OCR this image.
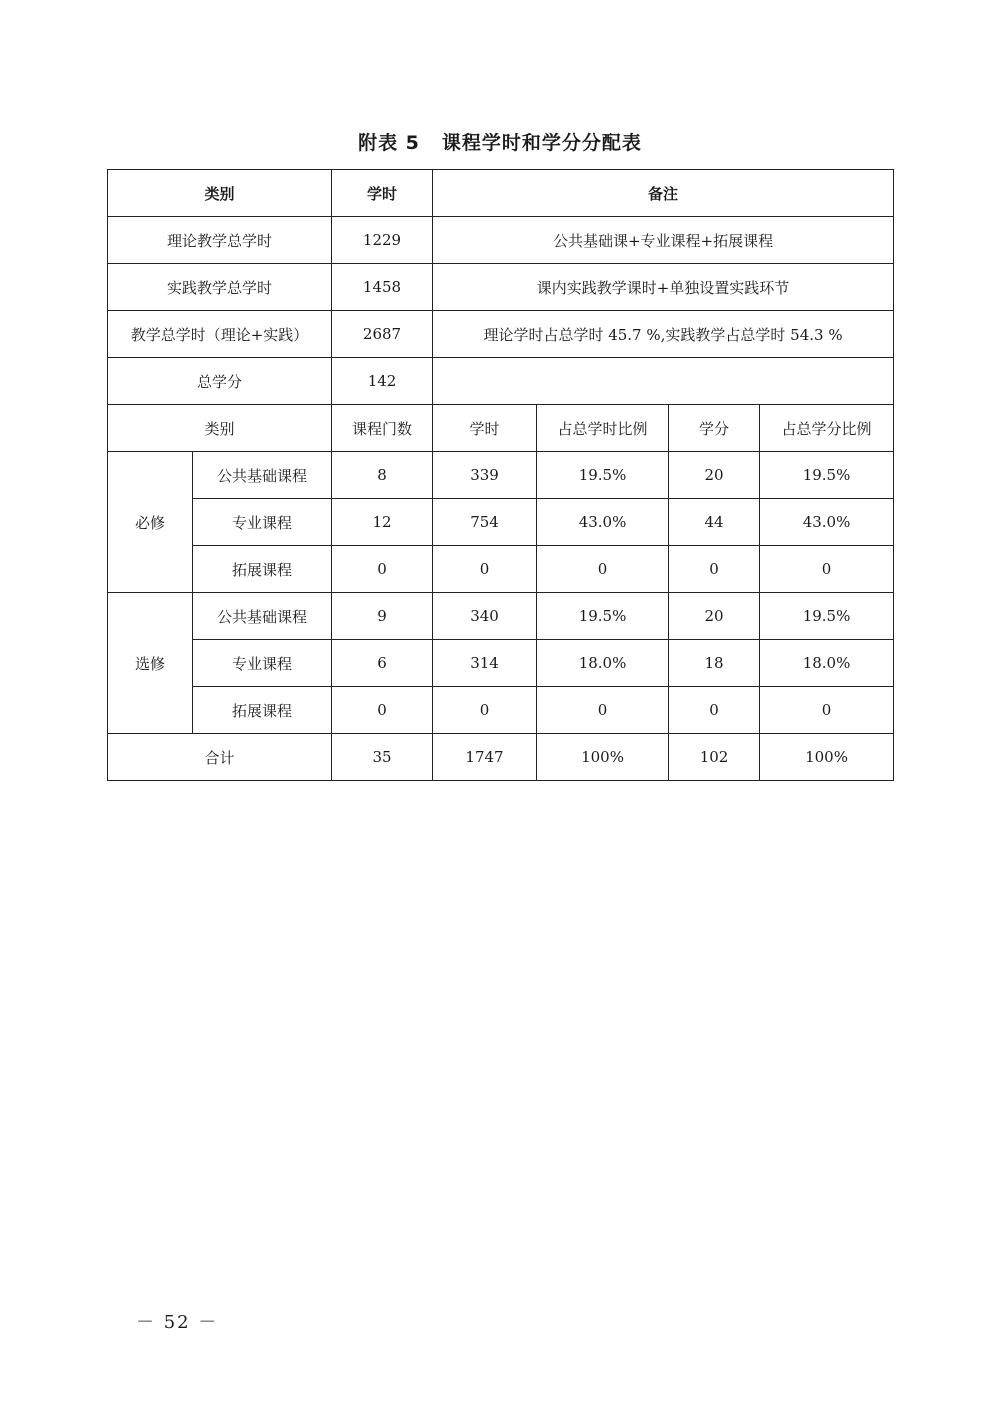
附表 5 课程学时和学分分配表
类别		学时	备注			
理论教学总学时		1229	公共基础课+专业课程+拓展课程			
实践教学总学时		1458	课内实践教学课时+单独设置实践环节			
教学总学时（理论+实践）		2687	理论学时占总学时 45.7 %,实践教学占总学时 54.3 %			
总学分		142				
类别		课程门数	学时	占总学时比例	学分	占总学分比例
必修	公共基础课程	8	339	19.5%	20	19.5%
	专业课程	12	754	43.0%	44	43.0%
	拓展课程	0	0	0	0	0
选修	公共基础课程	9	340	19.5%	20	19.5%
	专业课程	6	314	18.0%	18	18.0%
	拓展课程	0	0	0	0	0
合计		35	1747	100%	102	100%
－ 52 －
